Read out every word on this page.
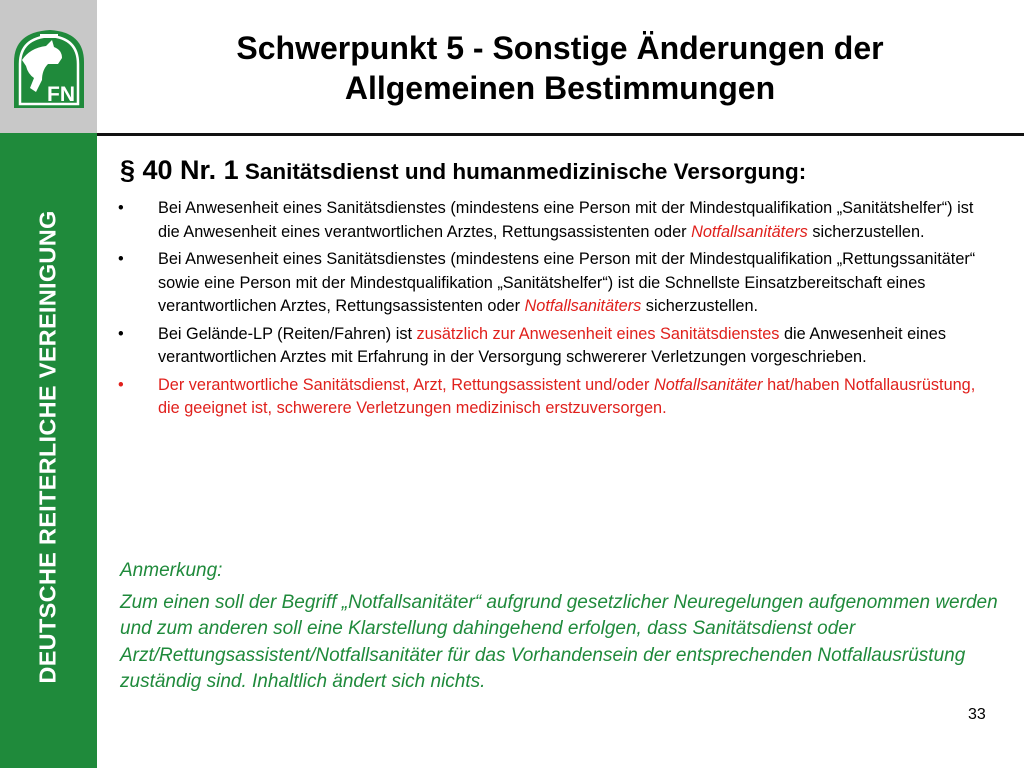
FN
DEUTSCHE REITERLICHE VEREINIGUNG
Schwerpunkt 5 - Sonstige Änderungen der
Allgemeinen Bestimmungen
§ 40 Nr. 1 Sanitätsdienst und humanmedizinische Versorgung:
• Bei Anwesenheit eines Sanitätsdienstes (mindestens eine Person mit der Mindestqualifikation „Sanitätshelfer“) ist die Anwesenheit eines verantwortlichen Arztes, Rettungsassistenten oder Notfallsanitäters sicherzustellen.
• Bei Anwesenheit eines Sanitätsdienstes (mindestens eine Person mit der Mindestqualifikation „Rettungssanitäter“ sowie eine Person mit der Mindestqualifikation „Sanitätshelfer“) ist die Schnellste Einsatzbereitschaft eines verantwortlichen Arztes, Rettungsassistenten oder Notfallsanitäters sicherzustellen.
• Bei Gelände-LP (Reiten/Fahren) ist zusätzlich zur Anwesenheit eines Sanitätsdienstes die Anwesenheit eines verantwortlichen Arztes mit Erfahrung in der Versorgung schwererer Verletzungen vorgeschrieben.
• Der verantwortliche Sanitätsdienst, Arzt, Rettungsassistent und/oder Notfallsanitäter hat/haben Notfallausrüstung, die geeignet ist, schwerere Verletzungen medizinisch erstzuversorgen.
Anmerkung:
Zum einen soll der Begriff „Notfallsanitäter“ aufgrund gesetzlicher Neuregelungen aufgenommen werden und zum anderen soll eine Klarstellung dahingehend erfolgen, dass Sanitätsdienst oder Arzt/Rettungsassistent/Notfallsanitäter für das Vorhandensein der entsprechenden Notfallausrüstung zuständig sind. Inhaltlich ändert sich nichts.
33
